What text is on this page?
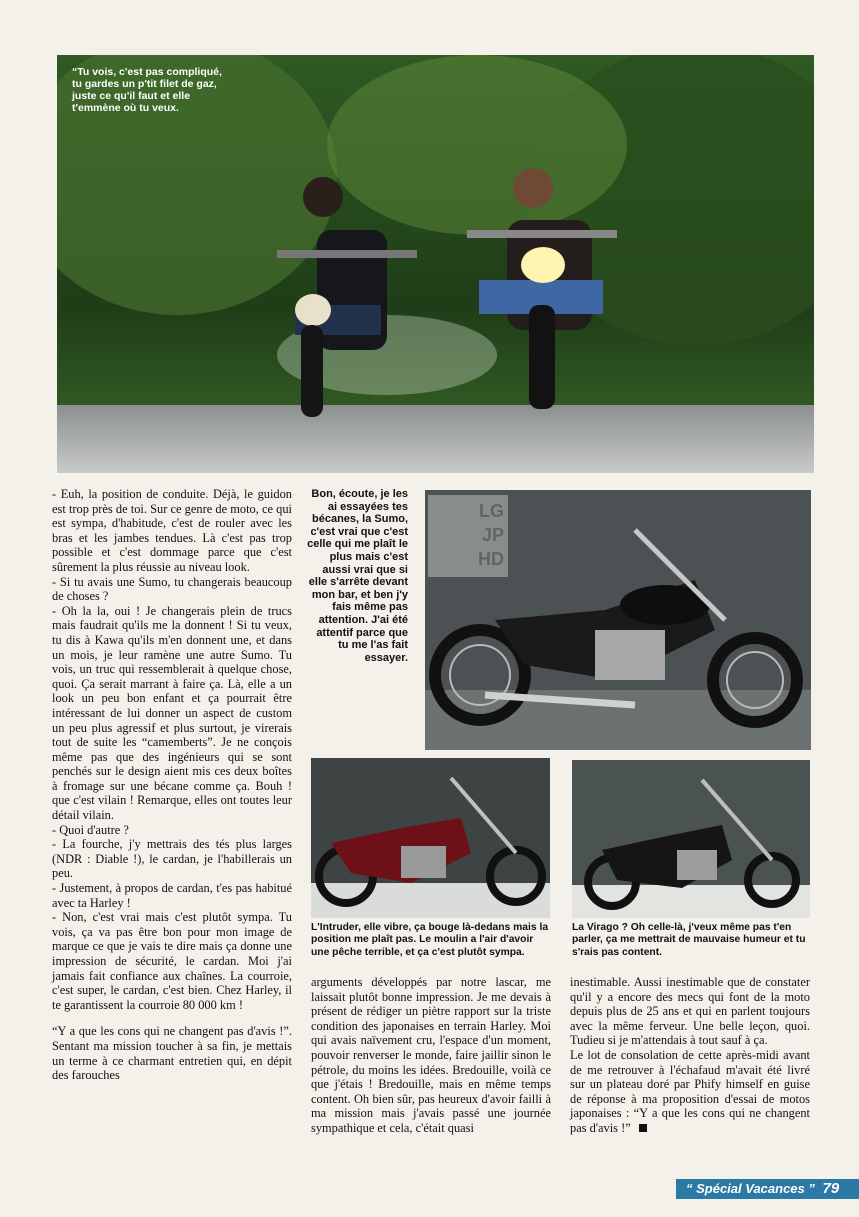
“Tu vois, c'est pas compliqué, tu gardes un p'tit filet de gaz, juste ce qu'il faut et elle t'emmène où tu veux.

- Euh, la position de conduite. Déjà, le guidon est trop près de toi. Sur ce genre de moto, ce qui est sympa, d'habitude, c'est de rouler avec les bras et les jambes tendues. Là c'est pas trop possible et c'est dommage parce que c'est sûrement la plus réussie au niveau look.

- Si tu avais une Sumo, tu changerais beaucoup de choses ?

- Oh la la, oui ! Je changerais plein de trucs mais faudrait qu'ils me la donnent ! Si tu veux, tu dis à Kawa qu'ils m'en donnent une, et dans un mois, je leur ramène une autre Sumo. Tu vois, un truc qui ressemblerait à quelque chose, quoi. Ça serait marrant à faire ça. Là, elle a un look un peu bon enfant et ça pourrait être intéressant de lui donner un aspect de custom un peu plus agressif et plus surtout, je virerais tout de suite les “camemberts”. Je ne conçois même pas que des ingénieurs qui se sont penchés sur le design aient mis ces deux boîtes à fromage sur une bécane comme ça. Bouh ! que c'est vilain ! Remarque, elles ont toutes leur détail vilain.

- Quoi d'autre ?

- La fourche, j'y mettrais des tés plus larges (NDR : Diable !), le cardan, je l'habillerais un peu.

- Justement, à propos de cardan, t'es pas habitué avec ta Harley !

- Non, c'est vrai mais c'est plutôt sympa. Tu vois, ça va pas être bon pour mon image de marque ce que je vais te dire mais ça donne une impression de sécurité, le cardan. Moi j'ai jamais fait confiance aux chaînes. La courroie, c'est super, le cardan, c'est bien. Chez Harley, il te garantissent la courroie 80 000 km !

“Y a que les cons qui ne changent pas d'avis !”. Sentant ma mission toucher à sa fin, je mettais un terme à ce charmant entretien qui, en dépit des farouches

Bon, écoute, je les ai essayées tes bécanes, la Sumo, c'est vrai que c'est celle qui me plaît le plus mais c'est aussi vrai que si elle s'arrête devant mon bar, et ben j'y fais même pas attention. J'ai été attentif parce que tu me l'as fait essayer.
LG
JP
HD
L'Intruder, elle vibre, ça bouge là-dedans mais la position me plaît pas. Le moulin a l'air d'avoir une pêche terrible, et ça c'est plutôt sympa.
La Virago ? Oh celle-là, j'veux même pas t'en parler, ça me mettrait de mauvaise humeur et tu s'rais pas content.

arguments développés par notre lascar, me laissait plutôt bonne impression. Je me devais à présent de rédiger un piètre rapport sur la triste condition des japonaises en terrain Harley. Moi qui avais naïvement cru, l'espace d'un moment, pouvoir renverser le monde, faire jaillir sinon le pétrole, du moins les idées. Bredouille, voilà ce que j'étais ! Bredouille, mais en même temps content. Oh bien sûr, pas heureux d'avoir failli à ma mission mais j'avais passé une journée sympathique et cela, c'était quasi

inestimable. Aussi inestimable que de constater qu'il y a encore des mecs qui font de la moto depuis plus de 25 ans et qui en parlent toujours avec la même ferveur. Une belle leçon, quoi. Tudieu si je m'attendais à tout sauf à ça.

Le lot de consolation de cette après-midi avant de me retrouver à l'échafaud m'avait été livré sur un plateau doré par Phify himself en guise de réponse à ma proposition d'essai de motos japonaises : “Y a que les cons qui ne changent pas d'avis !”

“ Spécial Vacances ” 79
